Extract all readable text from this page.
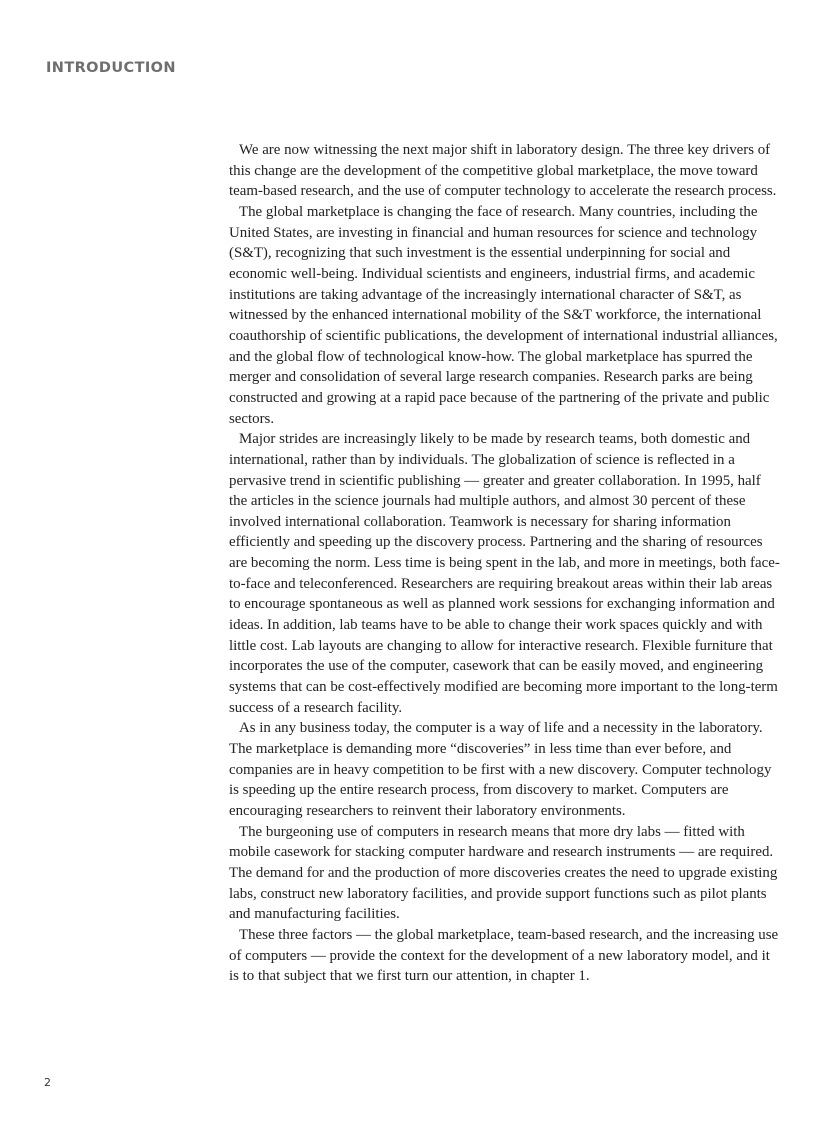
INTRODUCTION

We are now witnessing the next major shift in laboratory design. The three key drivers of this change are the development of the competitive global marketplace, the move toward team-based research, and the use of computer technology to accelerate the research process.

The global marketplace is changing the face of research. Many countries, including the United States, are investing in financial and human resources for science and technology (S&T), recognizing that such investment is the essential underpinning for social and economic well-being. Individual scientists and engineers, industrial firms, and academic institutions are taking advantage of the increasingly international character of S&T, as witnessed by the enhanced international mobility of the S&T workforce, the international coauthorship of scientific publications, the development of international industrial alliances, and the global flow of technological know-how. The global marketplace has spurred the merger and consolidation of several large research companies. Research parks are being constructed and growing at a rapid pace because of the partnering of the private and public sectors.

Major strides are increasingly likely to be made by research teams, both domestic and international, rather than by individuals. The globalization of science is reflected in a pervasive trend in scientific publishing — greater and greater collaboration. In 1995, half the articles in the science journals had multiple authors, and almost 30 percent of these involved international collaboration. Teamwork is necessary for sharing information efficiently and speeding up the discovery process. Partnering and the sharing of resources are becoming the norm. Less time is being spent in the lab, and more in meetings, both face-to-face and teleconferenced. Researchers are requiring breakout areas within their lab areas to encourage spontaneous as well as planned work sessions for exchanging information and ideas. In addition, lab teams have to be able to change their work spaces quickly and with little cost. Lab layouts are changing to allow for interactive research. Flexible furniture that incorporates the use of the computer, casework that can be easily moved, and engineering systems that can be cost-effectively modified are becoming more important to the long-term success of a research facility.

As in any business today, the computer is a way of life and a necessity in the laboratory. The marketplace is demanding more “discoveries” in less time than ever before, and companies are in heavy competition to be first with a new discovery. Computer technology is speeding up the entire research process, from discovery to market. Computers are encouraging researchers to reinvent their laboratory environments.

The burgeoning use of computers in research means that more dry labs — fitted with mobile casework for stacking computer hardware and research instruments — are required. The demand for and the production of more discoveries creates the need to upgrade existing labs, construct new laboratory facilities, and provide support functions such as pilot plants and manufacturing facilities.

These three factors — the global marketplace, team-based research, and the increasing use of computers — provide the context for the development of a new laboratory model, and it is to that subject that we first turn our attention, in chapter 1.

2
